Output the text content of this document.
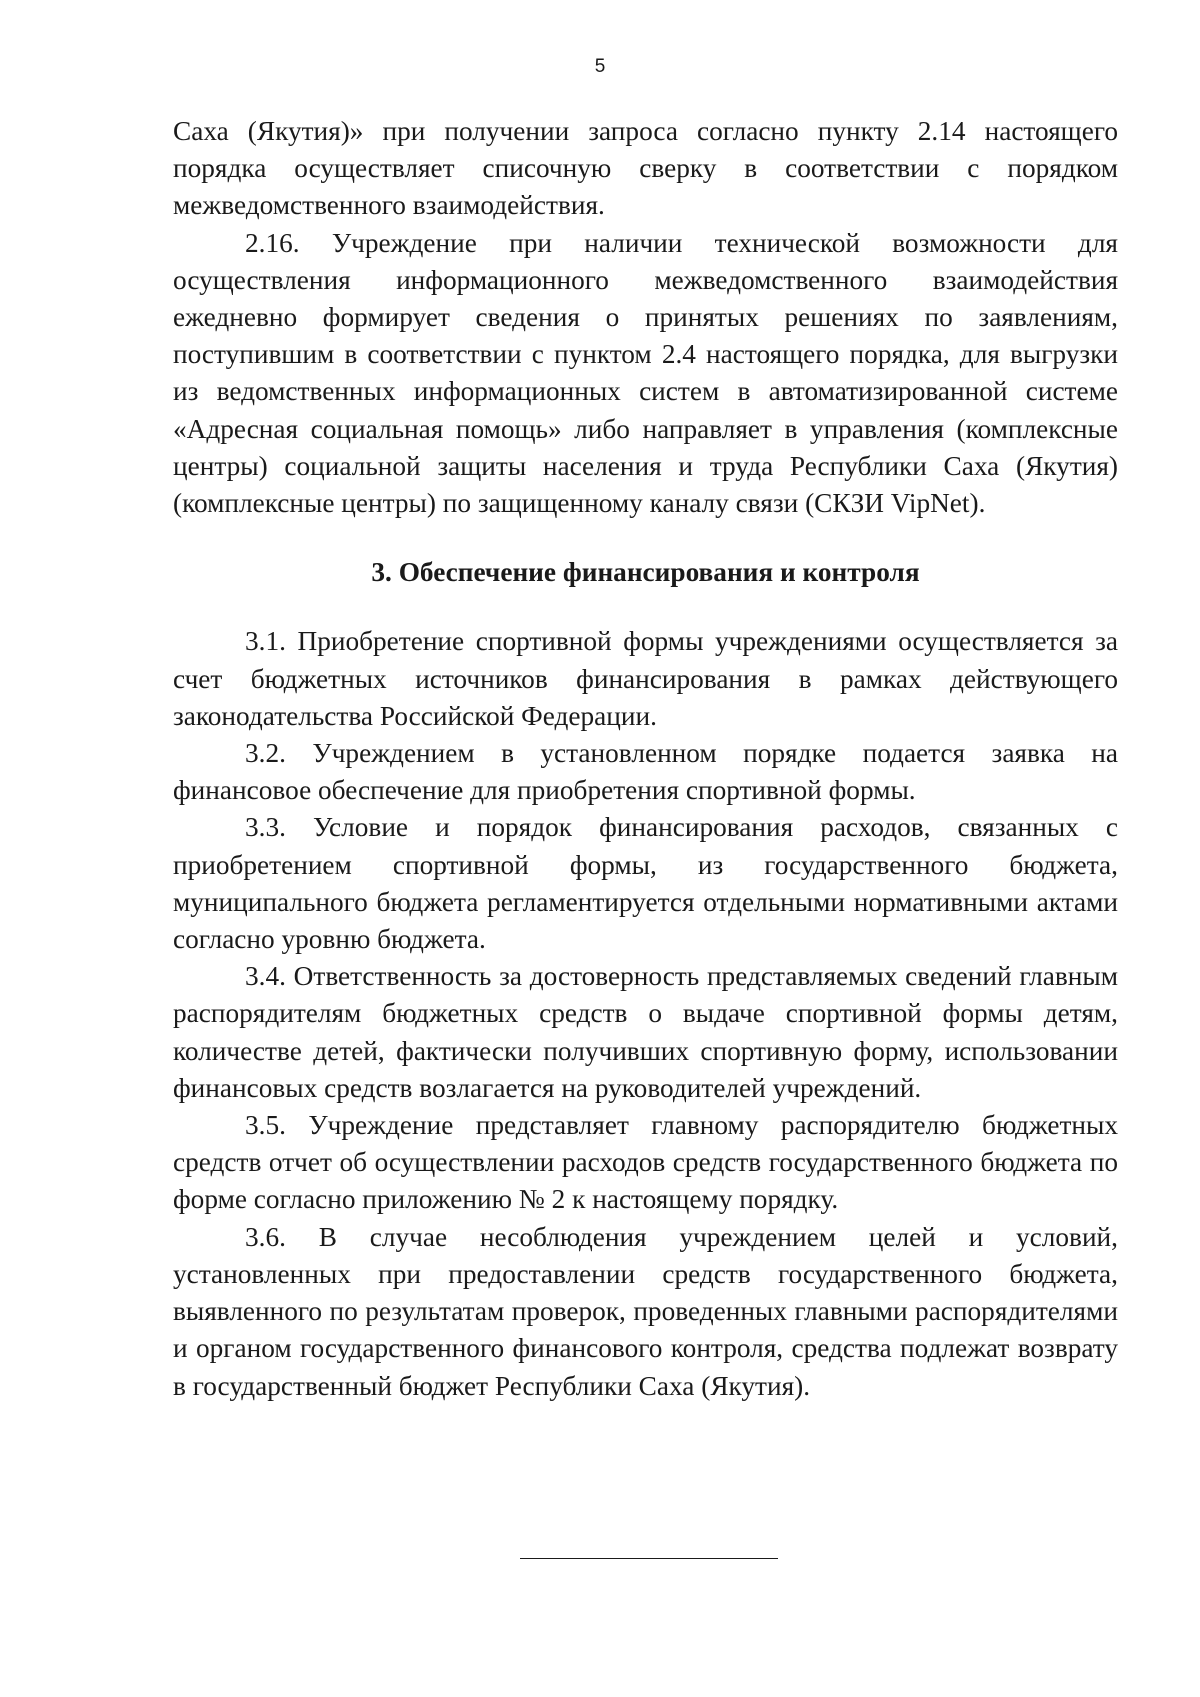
5

Саха (Якутия)» при получении запроса согласно пункту 2.14 настоящего порядка осуществляет списочную сверку в соответствии с порядком межведомственного взаимодействия.

2.16. Учреждение при наличии технической возможности для осуществления информационного межведомственного взаимодействия ежедневно формирует сведения о принятых решениях по заявлениям, поступившим в соответствии с пунктом 2.4 настоящего порядка, для выгрузки из ведомственных информационных систем в автоматизированной системе «Адресная социальная помощь» либо направляет в управления (комплексные центры) социальной защиты населения и труда Республики Саха (Якутия) (комплексные центры) по защищенному каналу связи (СКЗИ VipNet).

3. Обеспечение финансирования и контроля

3.1. Приобретение спортивной формы учреждениями осуществляется за счет бюджетных источников финансирования в рамках действующего законодательства Российской Федерации.

3.2. Учреждением в установленном порядке подается заявка на финансовое обеспечение для приобретения спортивной формы.

3.3. Условие и порядок финансирования расходов, связанных с приобретением спортивной формы, из государственного бюджета, муниципального бюджета регламентируется отдельными нормативными актами согласно уровню бюджета.

3.4. Ответственность за достоверность представляемых сведений главным распорядителям бюджетных средств о выдаче спортивной формы детям, количестве детей, фактически получивших спортивную форму, использовании финансовых средств возлагается на руководителей учреждений.

3.5. Учреждение представляет главному распорядителю бюджетных средств отчет об осуществлении расходов средств государственного бюджета по форме согласно приложению № 2 к настоящему порядку.

3.6. В случае несоблюдения учреждением целей и условий, установленных при предоставлении средств государственного бюджета, выявленного по результатам проверок, проведенных главными распорядителями и органом государственного финансового контроля, средства подлежат возврату в государственный бюджет Республики Саха (Якутия).
